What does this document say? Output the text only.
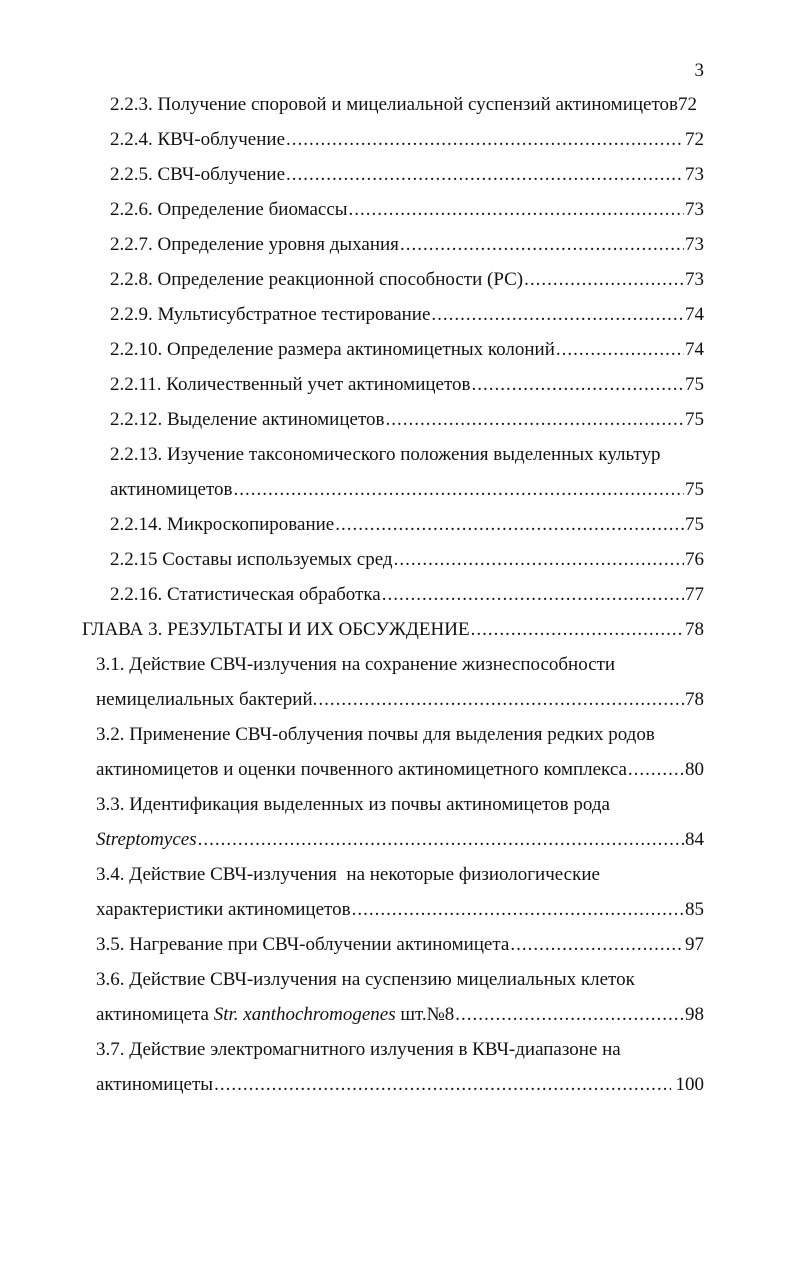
3
2.2.3. Получение споровой и мицелиальной суспензий актиномицетов 72
2.2.4. КВЧ-облучение .....	72
2.2.5. СВЧ-облучение .....	73
2.2.6. Определение биомассы .....	73
2.2.7. Определение уровня дыхания .....	73
2.2.8. Определение реакционной способности (РС) .....	73
2.2.9. Мультисубстратное тестирование .....	74
2.2.10. Определение размера актиномицетных колоний .....	74
2.2.11. Количественный учет актиномицетов .....	75
2.2.12. Выделение актиномицетов .....	75
2.2.13. Изучение таксономического положения выделенных культур
актиномицетов .....	75
2.2.14. Микроскопирование .....	75
2.2.15 Составы используемых сред .....	76
2.2.16. Статистическая обработка .....	77
ГЛАВА 3. РЕЗУЛЬТАТЫ И ИХ ОБСУЖДЕНИЕ .....	78
3.1. Действие СВЧ-излучения на сохранение жизнеспособности
немицелиальных бактерий. .....	78
3.2. Применение СВЧ-облучения почвы для выделения редких родов
актиномицетов и оценки почвенного актиномицетного комплекса .....	80
3.3. Идентификация выделенных из почвы актиномицетов рода
Streptomyces .....	84
3.4. Действие СВЧ-излучения  на некоторые физиологические
характеристики актиномицетов .....	85
3.5. Нагревание при СВЧ-облучении актиномицета .....	97
3.6. Действие СВЧ-излучения на суспензию мицелиальных клеток
актиномицета Str. xanthochromogenes шт.№8 .....	98
3.7. Действие электромагнитного излучения в КВЧ-диапазоне на
актиномицеты .....	100
